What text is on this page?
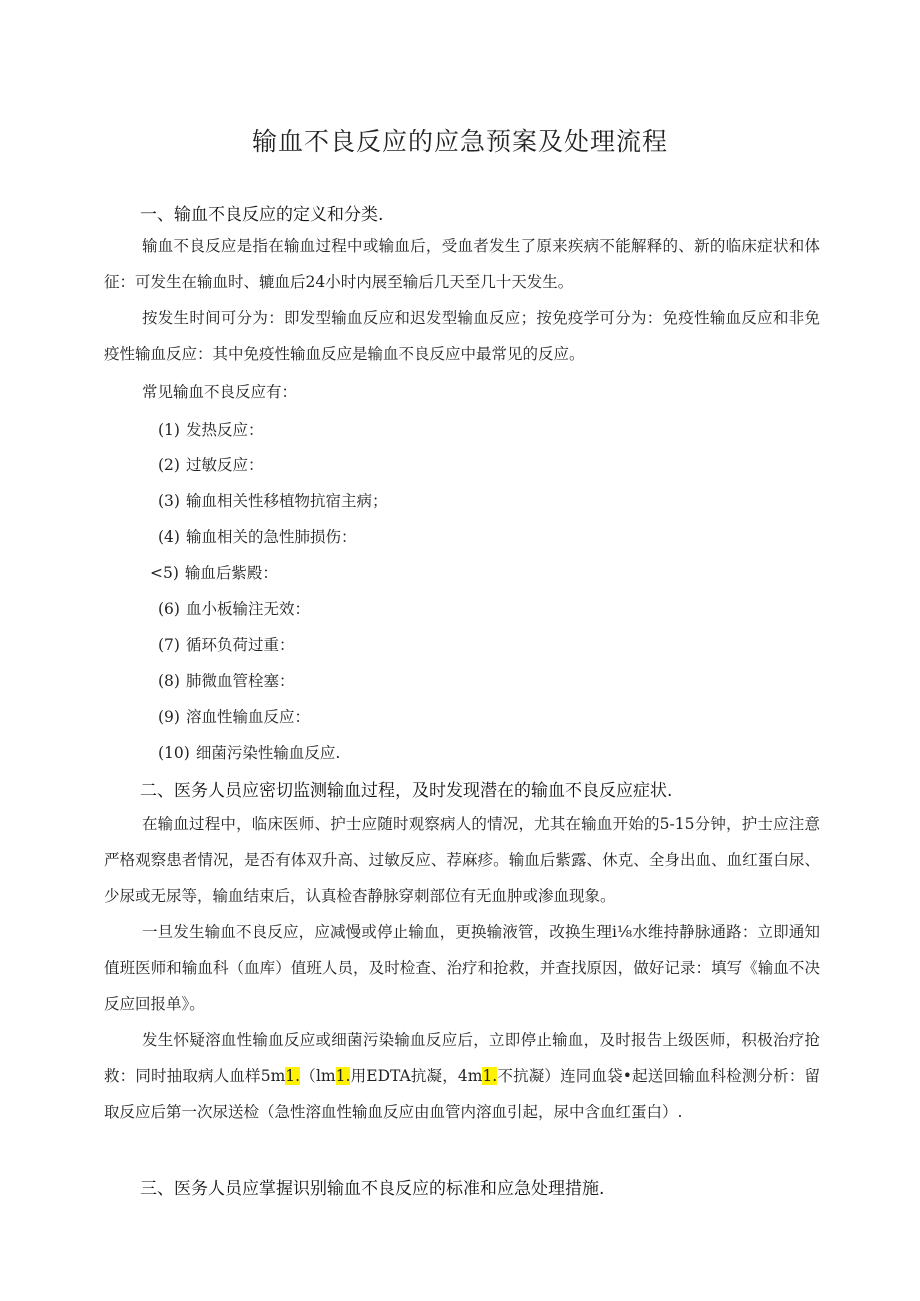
输血不良反应的应急预案及处理流程
一、输血不良反应的定义和分类.

输血不良反应是指在输血过程中或输血后，受血者发生了原来疾病不能解释的、新的临床症状和体征：可发生在输血时、辘血后24小时内展至输后几天至几十天发生。

按发生时间可分为：即发型输血反应和迟发型输血反应；按免疫学可分为：免疫性输血反应和非免疫性输血反应：其中免疫性输血反应是输血不良反应中最常见的反应。

常见输血不良反应有：

(1) 发热反应：
(2) 过敏反应：
(3) 输血相关性移植物抗宿主病；
(4) 输血相关的急性肺损伤：
<5) 输血后紫殿：
(6) 血小板输注无效：
(7) 循环负荷过重：
(8) 肺微血管栓塞：
(9) 溶血性输血反应：
(10) 细菌污染性输血反应.
二、医务人员应密切监测输血过程，及时发现潜在的输血不良反应症状.

在输血过程中，临床医师、护士应随时观察病人的情况，尤其在输血开始的5-15分钟，护士应注意严格观察患者情况，是否有体双升高、过敏反应、荐麻疹。输血后紫露、休克、全身出血、血红蛋白尿、少尿或无尿等，输血结束后，认真检杳静脉穿刺部位有无血肿或渗血现象。

一旦发生输血不良反应，应减慢或停止输血，更换输液管，改换生理i⅛水维持静脉通路：立即通知值班医师和输血科（血库）值班人员，及时检查、治疗和抢救，并查找原因，做好记录：填写《输血不决反应回报单》。

发生怀疑溶血性输血反应或细菌污染输血反应后，立即停止输血，及时报告上级医师，积极治疗抢救：同时抽取病人血样5m1.（lm1.用EDTA抗凝，4m1.不抗凝）连同血袋•起送回输血科检测分析：留取反应后第一次尿送检（急性溶血性输血反应由血管内溶血引起，尿中含血红蛋白）.

三、医务人员应掌握识别输血不良反应的标准和应急处理措施.
